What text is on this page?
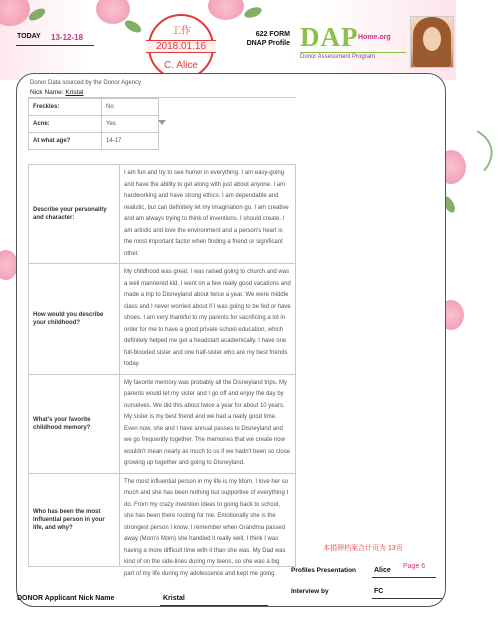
TODAY 13-12-18
工作
2018.01.16
C. Alice
622 FORM
DNAP Profile DAP Home.org
Donor Assessment Program
Donor Data sourced by the Donor Agency
Nick Name: Kristal
Freckles:	No
Acne:	Yes
At what age?	14-17
Describe your personality and character:	I am fun and try to see humor in everything. I am easy-going and have the ability to get along with just about anyone. I am hardworking and have strong ethics. I am dependable and realistic, but can definitely let my imagination go. I am creative and am always trying to think of inventions. I should create. I am artistic and love the environment and a person's heart is the most important factor when finding a friend or significant other.
How would you describe your childhood?	My childhood was great. I was raised going to church and was a well mannered kid. I went on a few really good vacations and made a trip to Disneyland about twice a year. We were middle class and I never worried about if I was going to be fed or have shoes. I am very thankful to my parents for sacrificing a lot in order for me to have a good private school education, which definitely helped me get a headstart academically. I have one full-blooded sister and one half-sister who are my best friends today.
What's your favorite childhood memory?	My favorite memory was probably all the Disneyland trips. My parents would let my sister and I go off and enjoy the day by ourselves. We did this about twice a year for about 10 years. My sister is my best friend and we had a really good time. Even now, she and I have annual passes to Disneyland and we go frequently together. The memories that we create now wouldn't mean nearly as much to us if we hadn't been so close growing up together and going to Disneyland.
Who has been the most influential person in your life, and why?	The most influential person in my life is my Mom. I love her so much and she has been nothing but supportive of everything I do. From my crazy invention ideas to going back to school, she has been there rooting for me. Emotionally she is the strongest person I know. I remember when Grandma passed away (Mom's Mom) she handled it really well, I think I was having a more difficult time with it than she was. My Dad was kind of on the side-lines during my teens, so she was a big part of my life during my adolescence and kept me going
本捐卵档案合计页为 13页
Profiles Presentation	Alice
Page 6
Interview by	FC
DONOR Applicant Nick Name	Kristal
